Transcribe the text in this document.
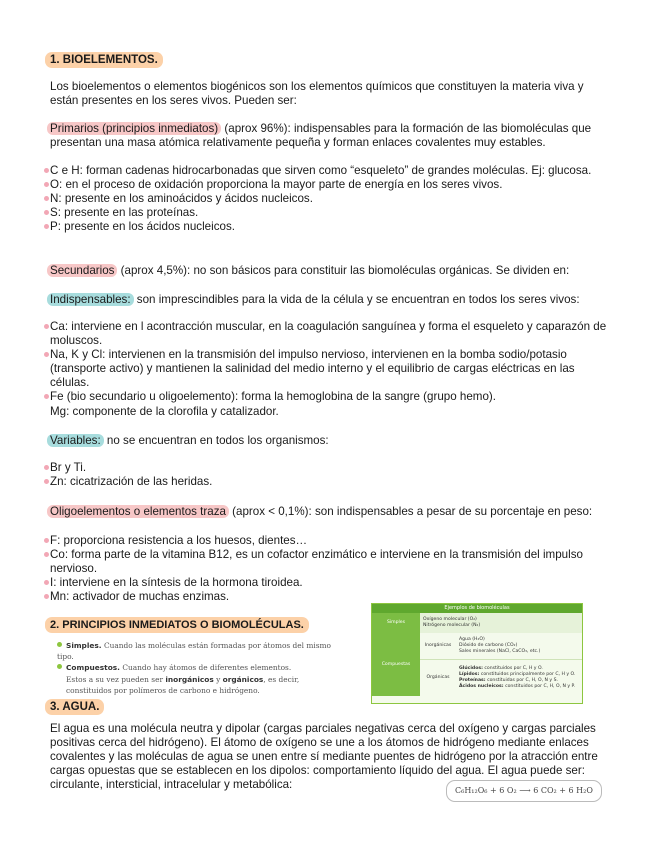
1. BIOELEMENTOS.

Los bioelementos o elementos biogénicos son los elementos químicos que constituyen la materia viva y están presentes en los seres vivos. Pueden ser:

Primarios (principios inmediatos) (aprox 96%): indispensables para la formación de las biomoléculas que presentan una masa atómica relativamente pequeña y forman enlaces covalentes muy estables.

C e H: forman cadenas hidrocarbonadas que sirven como “esqueleto” de grandes moléculas. Ej: glucosa.
O: en el proceso de oxidación proporciona la mayor parte de energía en los seres vivos.
N: presente en los aminoácidos y ácidos nucleicos.
S: presente en las proteínas.
P: presente en los ácidos nucleicos.

Secundarios (aprox 4,5%): no son básicos para constituir las biomoléculas orgánicas. Se dividen en:

Indispensables: son imprescindibles para la vida de la célula y se encuentran en todos los seres vivos:

Ca: interviene en l acontracción muscular, en la coagulación sanguínea y forma el esqueleto y caparazón de moluscos.
Na, K y Cl: intervienen en la transmisión del impulso nervioso, intervienen en la bomba sodio/potasio (transporte activo) y mantienen la salinidad del medio interno y el equilibrio de cargas eléctricas en las células.
Fe (bio secundario u oligoelemento): forma la hemoglobina de la sangre (grupo hemo).
Mg: componente de la clorofila y catalizador.

Variables: no se encuentran en todos los organismos:

Br y Ti.
Zn: cicatrización de las heridas.

Oligoelementos o elementos traza (aprox < 0,1%): son indispensables a pesar de su porcentaje en peso:

F: proporciona resistencia a los huesos, dientes…
Co: forma parte de la vitamina B12, es un cofactor enzimático e interviene en la transmisión del impulso nervioso.
I: interviene en la síntesis de la hormona tiroidea.
Mn: activador de muchas enzimas.
2. PRINCIPIOS INMEDIATOS O BIOMOLÉCULAS.
Simples. Cuando las moléculas están formadas por átomos del mismo tipo.
Compuestos. Cuando hay átomos de diferentes elementos.
Estos a su vez pueden ser inorgánicos y orgánicos, es decir, constituidos por polímeros de carbono e hidrógeno.
Ejemplos de biomoléculas
Simples	Oxígeno molecular (O₂)
Nitrógeno molecular (N₂)	

Compuestas	Inorgánicas	Agua (H₂O)
Dióxido de carbono (CO₂)
Sales minerales (NaCl, CaCO₃, etc.)

	Orgánicas	Glúcidos: constituidos por C, H y O.
Lípidos: constituidos principalmente por C, H y O.
Proteínas: constituidas por C, H, O, N y S.
Ácidos nucleicos: constituidos por C, H, O, N y P.
3. AGUA.

El agua es una molécula neutra y dipolar (cargas parciales negativas cerca del oxígeno y cargas parciales positivas cerca del hidrógeno). El átomo de oxígeno se une a los átomos de hidrógeno mediante enlaces covalentes y las moléculas de agua se unen entre sí mediante puentes de hidrógeno por la atracción entre cargas opuestas que se establecen en los dipolos: comportamiento líquido del agua. El agua puede ser: circulante, intersticial, intracelular y metabólica:	C₆H₁₂O₆ + 6 O₂ ⟶ 6 CO₂ + 6 H₂O
